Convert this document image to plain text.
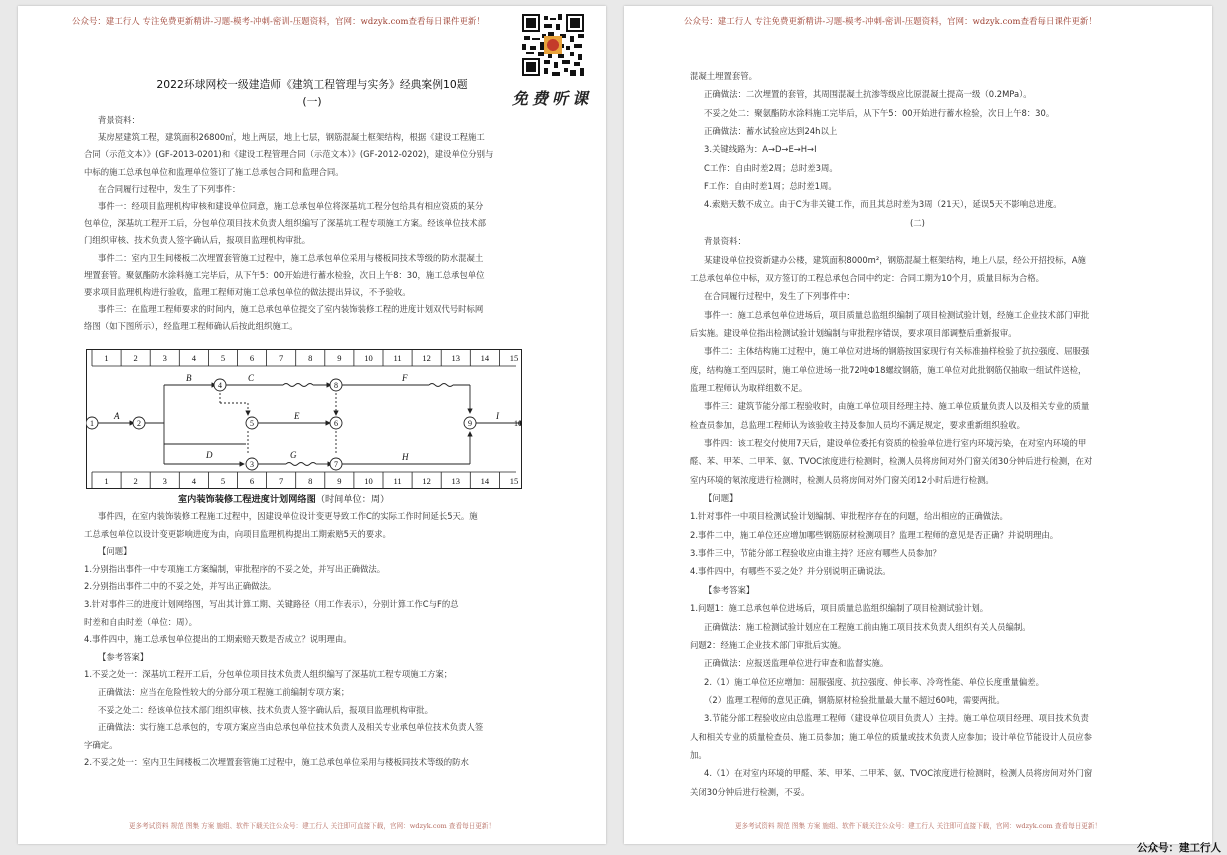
公众号：建工行人 专注免费更新精讲-习题-模考-冲刺-密训-压题资料，官网：wdzyk.com查看每日课件更新！
免费听课
2022环球网校一级建造师《建筑工程管理与实务》经典案例10题
(一)
背景资料：
某房屋建筑工程，建筑面积26800㎡，地上两层，地上七层，钢筋混凝土框架结构，根据《建设工程施工
合同（示范文本）》(GF-2013-0201)和《建设工程管理合同（示范文本）》(GF-2012-0202)，建设单位分别与
中标的施工总承包单位和监理单位签订了施工总承包合同和监理合同。
在合同履行过程中，发生了下列事件：
事件一：经项目监理机构审核和建设单位同意，施工总承包单位将深基坑工程分包给具有相应资质的某分
包单位，深基坑工程开工后，分包单位项目技术负责人组织编写了深基坑工程专项施工方案。经该单位技术部
门组织审核、技术负责人签字确认后，报项目监理机构审批。
事件二：室内卫生间楼板二次埋置套管施工过程中，施工总承包单位采用与楼板同技术等级的防水混凝土
埋置套管。聚氨酯防水涂料施工完毕后，从下午5：00开始进行蓄水检验，次日上午8：30，施工总承包单位
要求项目监理机构进行验收，监理工程师对施工总承包单位的做法提出异议，不予验收。
事件三：在监理工程师要求的时间内，施工总承包单位提交了室内装饰装修工程的进度计划双代号时标网
络图（如下图所示），经监理工程师确认后按此组织施工。
1	2	3	4	5	6	7	8	9	10 11 12 13 14 15
1	2	3	4	5	6	7	8	9	10 11 12 13 14 15
1	2
4
5	6
3	7
8
9	10
A
B	C
D
E
F
G	H
I
室内装饰装修工程进度计划网络图（时间单位：周）
事件四，在室内装饰装修工程施工过程中，因建设单位设计变更导致工作C的实际工作时间延长5天。施
工总承包单位以设计变更影响进度为由，向项目监理机构提出工期索赔5天的要求。
【问题】
1.分别指出事件一中专项施工方案编制，审批程序的不妥之处，并写出正确做法。
2.分别指出事件二中的不妥之处，并写出正确做法。
3.针对事件三的进度计划网络图，写出其计算工期、关键路径（用工作表示），分别计算工作C与F的总
时差和自由时差（单位：周）。
4.事件四中，施工总承包单位提出的工期索赔天数是否成立？说明理由。
【参考答案】
1.不妥之处一：深基坑工程开工后，分包单位项目技术负责人组织编写了深基坑工程专项施工方案；
正确做法：应当在危险性较大的分部分项工程施工前编制专项方案；
不妥之处二：经该单位技术部门组织审核、技术负责人签字确认后，报项目监理机构审批。
正确做法：实行施工总承包的，专项方案应当由总承包单位技术负责人及相关专业承包单位技术负责人签
字确定。
2.不妥之处一：室内卫生间楼板二次埋置套管施工过程中，施工总承包单位采用与楼板同技术等级的防水
更多考试资料 规范 图集 方案 施组、软件下载关注公众号：建工行人 关注即可直接下载，官网：wdzyk.com 查看每日更新！
公众号：建工行人 专注免费更新精讲-习题-模考-冲刺-密训-压题资料，官网：wdzyk.com查看每日课件更新！
混凝土埋置套管。
正确做法：二次埋置的套管，其周围混凝土抗渗等级应比原混凝土提高一级（0.2MPa）。
不妥之处二：聚氨酯防水涂料施工完毕后，从下午5：00开始进行蓄水检验，次日上午8：30。
正确做法：蓄水试验应达到24h以上
3.关键线路为：A→D→E→H→I
C工作：自由时差2周；总时差3周。
F工作：自由时差1周；总时差1周。
4.索赔天数不成立。由于C为非关键工作，而且其总时差为3周（21天），延误5天不影响总进度。
(二)
背景资料：
某建设单位投资新建办公楼，建筑面积8000m²，钢筋混凝土框架结构，地上八层，经公开招投标，A施
工总承包单位中标，双方签订的工程总承包合同中约定：合同工期为10个月，质量目标为合格。
在合同履行过程中，发生了下列事件中：
事件一：施工总承包单位进场后，项目质量总监组织编制了项目检测试验计划，经施工企业技术部门审批
后实施。建设单位指出检测试验计划编制与审批程序错误，要求项目部调整后重新报审。
事件二：主体结构施工过程中，施工单位对进场的钢筋按国家现行有关标准抽样检验了抗拉强度、屈服强
度，结构施工至四层时，施工单位进场一批72吨Φ18螺纹钢筋，施工单位对此批钢筋仅抽取一组试件送检，
监理工程师认为取样组数不足。
事件三：建筑节能分部工程验收时，由施工单位项目经理主持、施工单位质量负责人以及相关专业的质量
检查员参加，总监理工程师认为该验收主持及参加人员均不满足规定，要求重新组织验收。
事件四：该工程交付使用7天后，建设单位委托有资质的检验单位进行室内环境污染，在对室内环境的甲
醛、苯、甲苯、二甲苯、氨、TVOC浓度进行检测时，检测人员将房间对外门窗关闭30分钟后进行检测，在对
室内环境的氡浓度进行检测时，检测人员将房间对外门窗关闭12小时后进行检测。
【问题】
1.针对事件一中项目检测试验计划编制、审批程序存在的问题，给出相应的正确做法。
2.事件二中，施工单位还应增加哪些钢筋原材检测项目？监理工程师的意见是否正确？并说明理由。
3.事件三中，节能分部工程验收应由谁主持？还应有哪些人员参加？
4.事件四中，有哪些不妥之处？并分别说明正确说法。
【参考答案】
1.问题1：施工总承包单位进场后，项目质量总监组织编制了项目检测试验计划。
正确做法：施工检测试验计划应在工程施工前由施工项目技术负责人组织有关人员编制。
问题2：经施工企业技术部门审批后实施。
正确做法：应报送监理单位进行审查和监督实施。
2.（1）施工单位还应增加：屈服强度、抗拉强度、伸长率、冷弯性能、单位长度重量偏差。
（2）监理工程师的意见正确，钢筋原材检验批量最大量不超过60吨，需要两批。
3.节能分部工程验收应由总监理工程师（建设单位项目负责人）主持。施工单位项目经理、项目技术负责
人和相关专业的质量检查员、施工员参加；施工单位的质量或技术负责人应参加；设计单位节能设计人员应参
加。
4.（1）在对室内环境的甲醛、苯、甲苯、二甲苯、氨、TVOC浓度进行检测时，检测人员将房间对外门窗
关闭30分钟后进行检测，不妥。
更多考试资料 规范 图集 方案 施组、软件下载关注公众号：建工行人 关注即可直接下载，官网：wdzyk.com 查看每日更新！
公众号：建工行人
